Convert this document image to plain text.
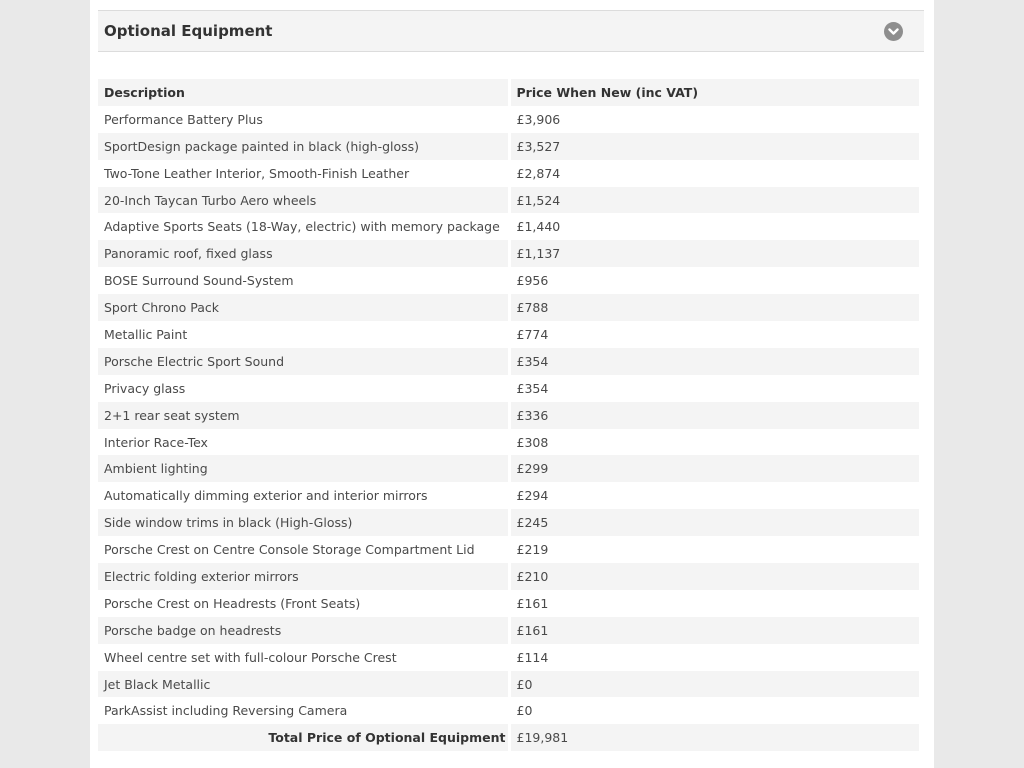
Optional Equipment
Description	Price When New (inc VAT)
Performance Battery Plus	£3,906
SportDesign package painted in black (high-gloss)	£3,527
Two-Tone Leather Interior, Smooth-Finish Leather	£2,874
20-Inch Taycan Turbo Aero wheels	£1,524
Adaptive Sports Seats (18-Way, electric) with memory package	£1,440
Panoramic roof, fixed glass	£1,137
BOSE Surround Sound-System	£956
Sport Chrono Pack	£788
Metallic Paint	£774
Porsche Electric Sport Sound	£354
Privacy glass	£354
2+1 rear seat system	£336
Interior Race-Tex	£308
Ambient lighting	£299
Automatically dimming exterior and interior mirrors	£294
Side window trims in black (High-Gloss)	£245
Porsche Crest on Centre Console Storage Compartment Lid	£219
Electric folding exterior mirrors	£210
Porsche Crest on Headrests (Front Seats)	£161
Porsche badge on headrests	£161
Wheel centre set with full-colour Porsche Crest	£114
Jet Black Metallic	£0
ParkAssist including Reversing Camera	£0
Total Price of Optional Equipment	£19,981
